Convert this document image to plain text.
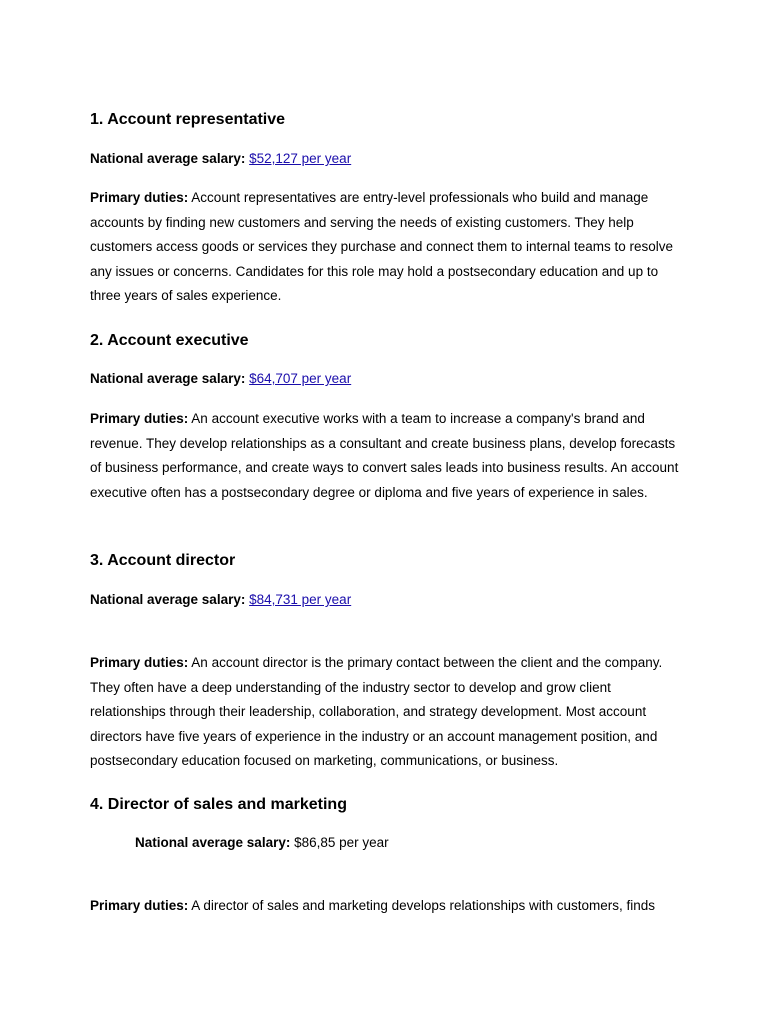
1. Account representative
National average salary: $52,127 per year

Primary duties: Account representatives are entry-level professionals who build and manage accounts by finding new customers and serving the needs of existing customers. They help customers access goods or services they purchase and connect them to internal teams to resolve any issues or concerns. Candidates for this role may hold a postsecondary education and up to three years of sales experience.

2. Account executive
National average salary: $64,707 per year

Primary duties: An account executive works with a team to increase a company's brand and revenue. They develop relationships as a consultant and create business plans, develop forecasts of business performance, and create ways to convert sales leads into business results. An account executive often has a postsecondary degree or diploma and five years of experience in sales.

3. Account director
National average salary: $84,731 per year

Primary duties: An account director is the primary contact between the client and the company. They often have a deep understanding of the industry sector to develop and grow client relationships through their leadership, collaboration, and strategy development. Most account directors have five years of experience in the industry or an account management position, and postsecondary education focused on marketing, communications, or business.

4. Director of sales and marketing
National average salary: $86,85 per year

Primary duties: A director of sales and marketing develops relationships with customers, finds
